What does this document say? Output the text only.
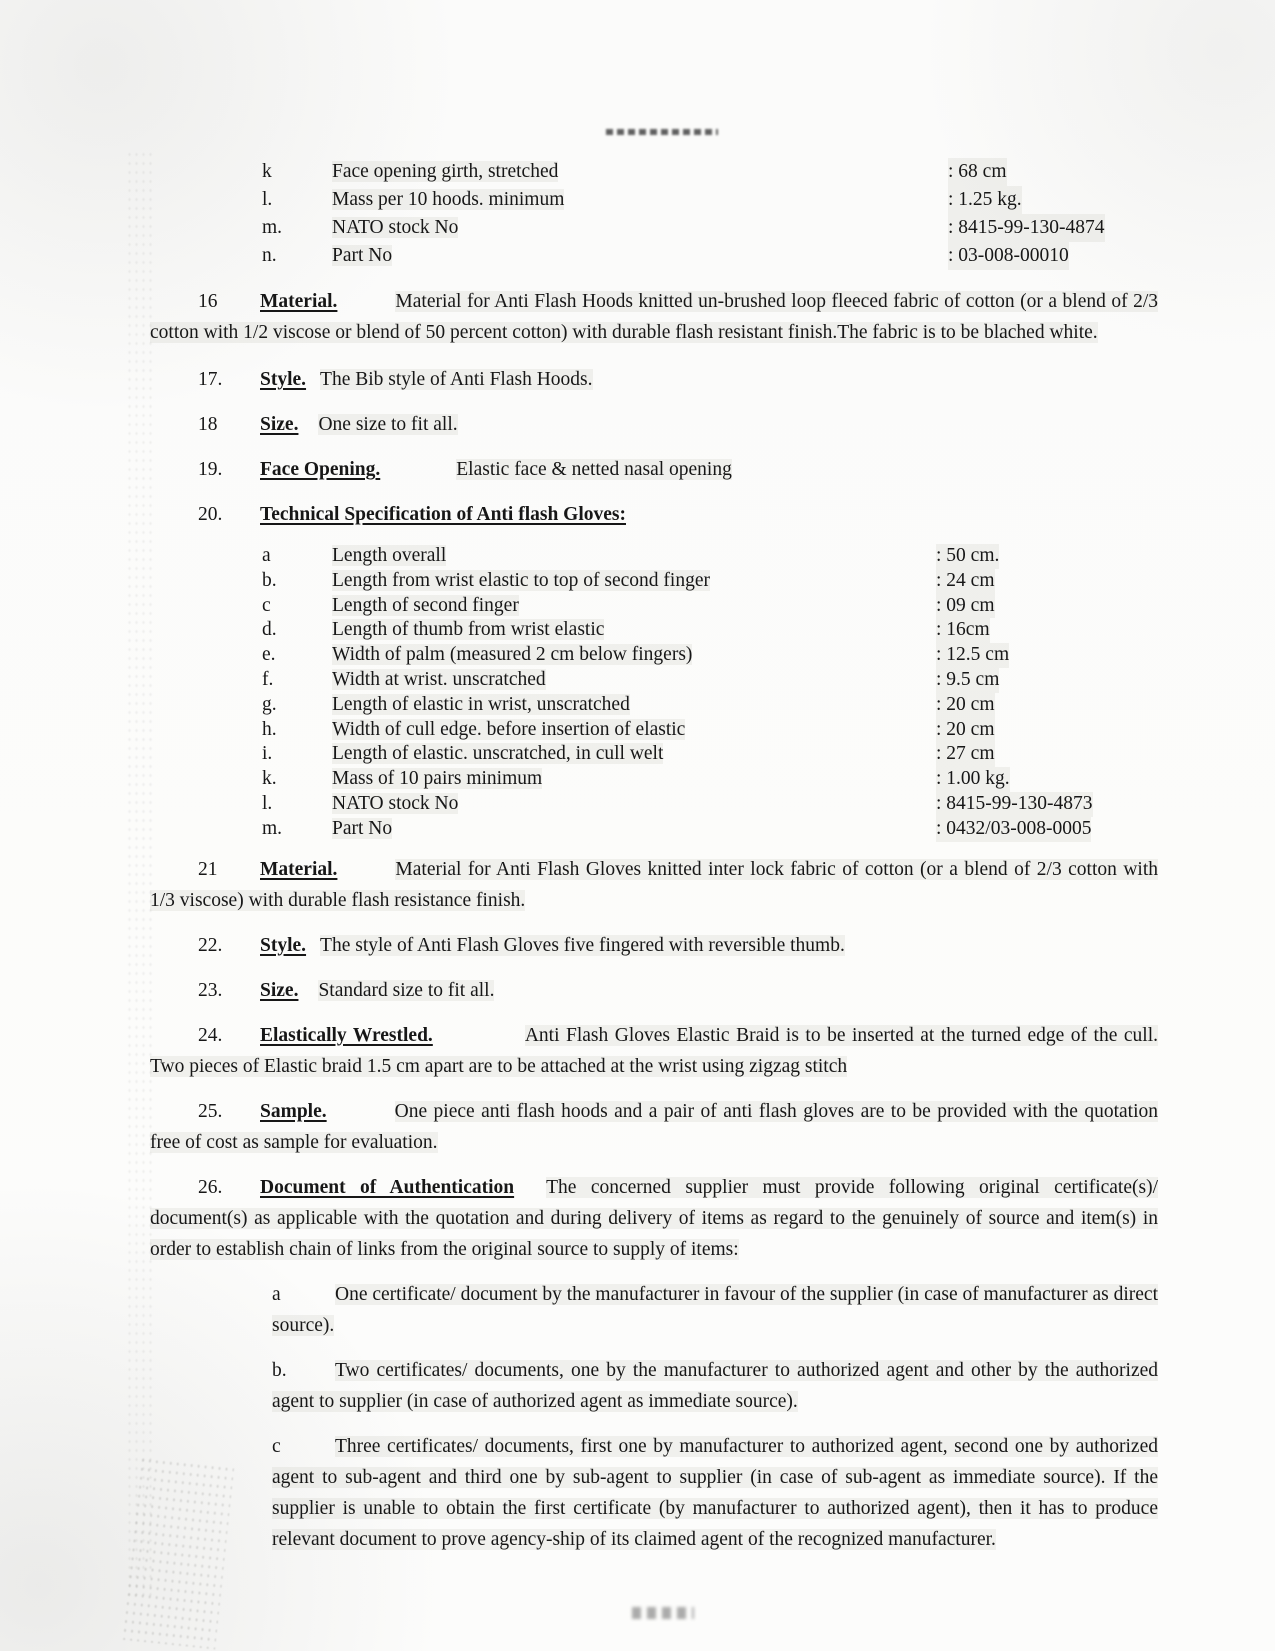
k	Face opening girth, stretched	: 68 cm
l.	Mass per 10 hoods. minimum	: 1.25 kg.
m.	NATO stock No	: 8415-99-130-4874
n.	Part No	: 03-008-00010

16 Material.	Material for Anti Flash Hoods knitted un-brushed loop fleeced fabric of cotton (or a blend of 2/3 cotton with 1/2 viscose or blend of 50 percent cotton) with durable flash resistant finish.The fabric is to be blached white.

17. Style. The Bib style of Anti Flash Hoods.

18 Size. One size to fit all.

19. Face Opening.	Elastic face & netted nasal opening

20. Technical Specification of Anti flash Gloves:

a	Length overall	: 50 cm.
b.	Length from wrist elastic to top of second finger	: 24 cm
c	Length of second finger	: 09 cm
d.	Length of thumb from wrist elastic	: 16cm
e.	Width of palm (measured 2 cm below fingers)	: 12.5 cm
f.	Width at wrist. unscratched	: 9.5 cm
g.	Length of elastic in wrist, unscratched	: 20 cm
h.	Width of cull edge. before insertion of elastic	: 20 cm
i.	Length of elastic. unscratched, in cull welt	: 27 cm
k.	Mass of 10 pairs minimum	: 1.00 kg.
l.	NATO stock No	: 8415-99-130-4873
m.	Part No	: 0432/03-008-0005

21 Material.	Material for Anti Flash Gloves knitted inter lock fabric of cotton (or a blend of 2/3 cotton with 1/3 viscose) with durable flash resistance finish.

22. Style. The style of Anti Flash Gloves five fingered with reversible thumb.

23. Size. Standard size to fit all.

24. Elastically Wrestled.	Anti Flash Gloves Elastic Braid is to be inserted at the turned edge of the cull. Two pieces of Elastic braid 1.5 cm apart are to be attached at the wrist using zigzag stitch

25. Sample.	One piece anti flash hoods and a pair of anti flash gloves are to be provided with the quotation free of cost as sample for evaluation.

26. Document of Authentication The concerned supplier must provide following original certificate(s)/ document(s) as applicable with the quotation and during delivery of items as regard to the genuinely of source and item(s) in order to establish chain of links from the original source to supply of items:

a	One certificate/ document by the manufacturer in favour of the supplier (in case of manufacturer as direct source).

b. Two certificates/ documents, one by the manufacturer to authorized agent and other by the authorized agent to supplier (in case of authorized agent as immediate source).

c	Three certificates/ documents, first one by manufacturer to authorized agent, second one by authorized agent to sub-agent and third one by sub-agent to supplier (in case of sub-agent as immediate source). If the supplier is unable to obtain the first certificate (by manufacturer to authorized agent), then it has to produce relevant document to prove agency-ship of its claimed agent of the recognized manufacturer.
